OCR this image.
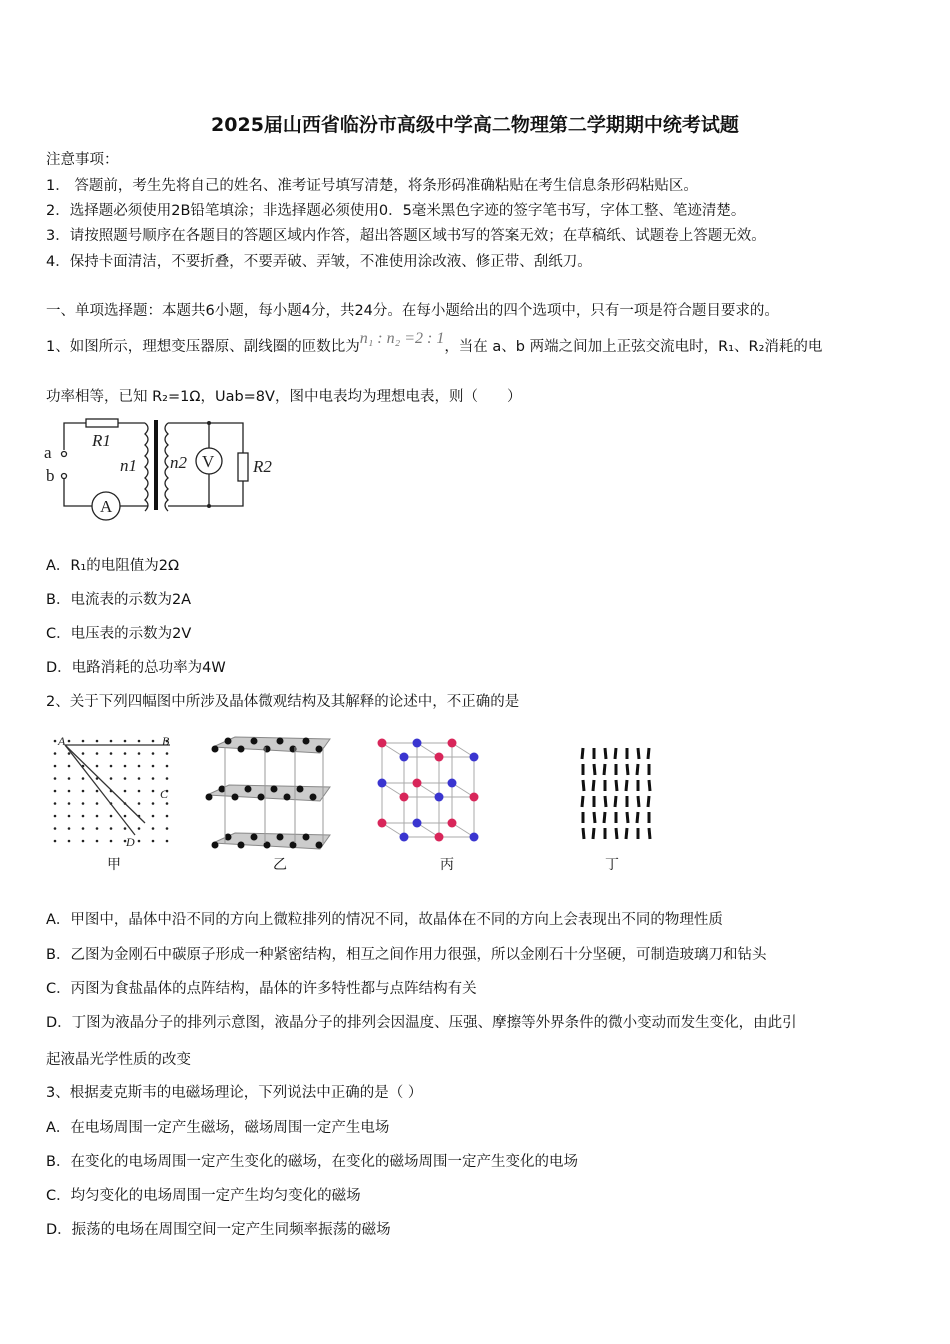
2025届山西省临汾市高级中学高二物理第二学期期中统考试题
注意事项：
1． 答题前，考生先将自己的姓名、准考证号填写清楚，将条形码准确粘贴在考生信息条形码粘贴区。
2．选择题必须使用2B铅笔填涂；非选择题必须使用0．5毫米黑色字迹的签字笔书写，字体工整、笔迹清楚。
3．请按照题号顺序在各题目的答题区域内作答，超出答题区域书写的答案无效；在草稿纸、试题卷上答题无效。
4．保持卡面清洁，不要折叠，不要弄破、弄皱，不准使用涂改液、修正带、刮纸刀。
一、单项选择题：本题共6小题，每小题4分，共24分。在每小题给出的四个选项中，只有一项是符合题目要求的。
1、如图所示，理想变压器原、副线圈的匝数比为n₁ : n₂ =2 : 1，当在 a、b 两端之间加上正弦交流电时，R₁、R₂消耗的电
功率相等，已知 R₂=1Ω，Uab=8V，图中电表均为理想电表，则（　　）
R1
a
b
n1 n2 V
A
R2
A．R₁的电阻值为2Ω
B．电流表的示数为2A
C．电压表的示数为2V
D．电路消耗的总功率为4W
2、关于下列四幅图中所涉及晶体微观结构及其解释的论述中，不正确的是
A	B
C
D
甲	乙	丙	丁
A．甲图中，晶体中沿不同的方向上微粒排列的情况不同，故晶体在不同的方向上会表现出不同的物理性质
B．乙图为金刚石中碳原子形成一种紧密结构，相互之间作用力很强，所以金刚石十分坚硬，可制造玻璃刀和钻头
C．丙图为食盐晶体的点阵结构，晶体的许多特性都与点阵结构有关
D．丁图为液晶分子的排列示意图，液晶分子的排列会因温度、压强、摩擦等外界条件的微小变动而发生变化，由此引
起液晶光学性质的改变
3、根据麦克斯韦的电磁场理论，下列说法中正确的是（ ）
A．在电场周围一定产生磁场，磁场周围一定产生电场
B．在变化的电场周围一定产生变化的磁场，在变化的磁场周围一定产生变化的电场
C．均匀变化的电场周围一定产生均匀变化的磁场
D．振荡的电场在周围空间一定产生同频率振荡的磁场
